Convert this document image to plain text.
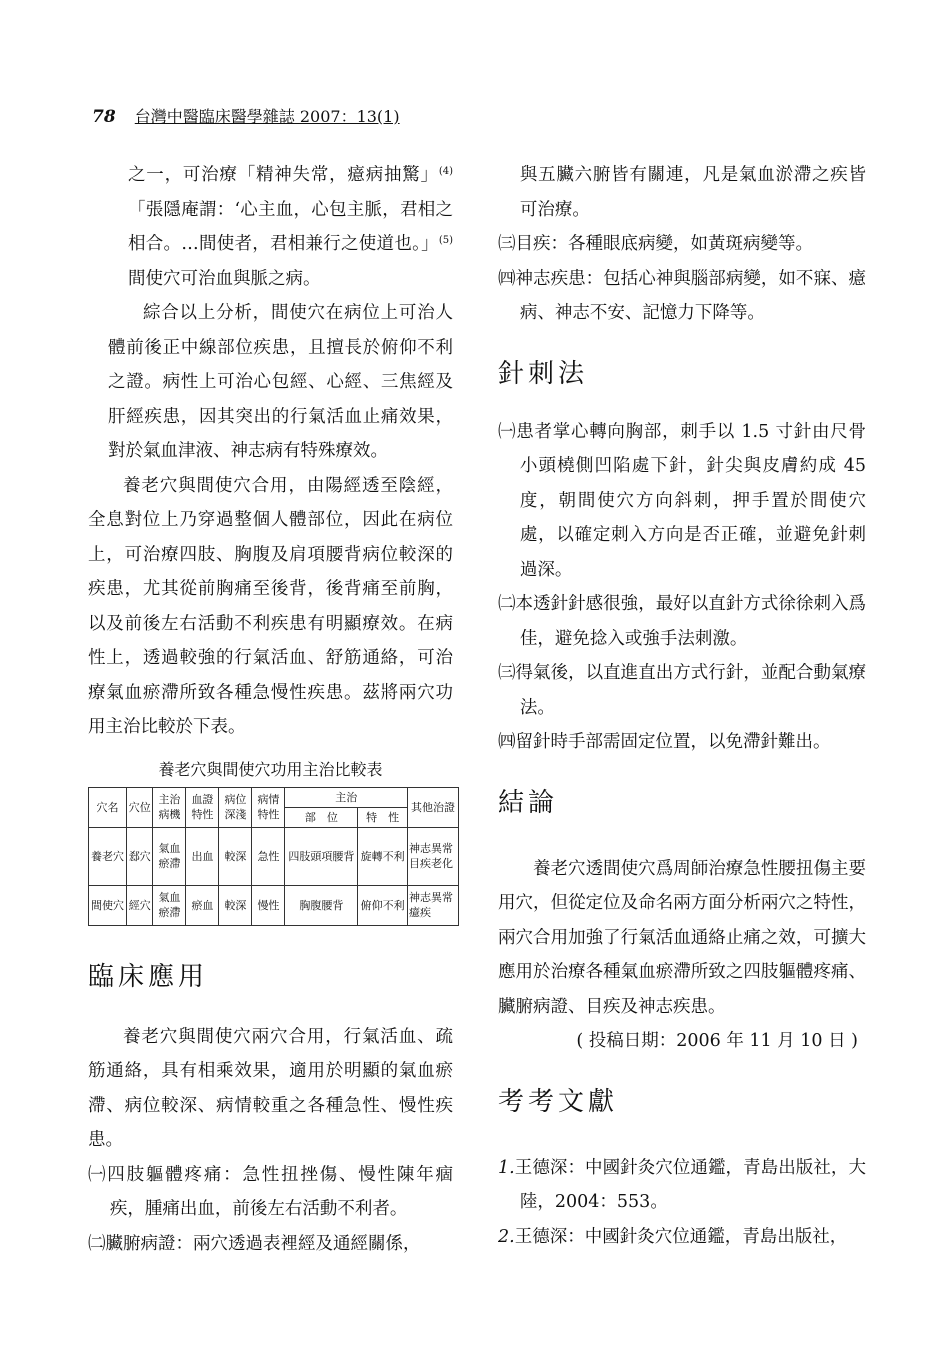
78 台灣中醫臨床醫學雜誌 2007：13(1)

之一，可治療「精神失常，癔病抽驚」$^{(4)}$「張隱庵謂：‘心主血，心包主脈，君相之相合。…間使者，君相兼行之使道也。」$^{(5)}$間使穴可治血與脈之病。

綜合以上分析，間使穴在病位上可治人體前後正中線部位疾患，且擅長於俯仰不利之證。病性上可治心包經、心經、三焦經及肝經疾患，因其突出的行氣活血止痛效果，對於氣血津液、神志病有特殊療效。

養老穴與間使穴合用，由陽經透至陰經，全息對位上乃穿過整個人體部位，因此在病位上，可治療四肢、胸腹及肩項腰背病位較深的疾患，尤其從前胸痛至後背，後背痛至前胸，以及前後左右活動不利疾患有明顯療效。在病性上，透過較強的行氣活血、舒筋通絡，可治療氣血瘀滯所致各種急慢性疾患。茲將兩穴功用主治比較於下表。

養老穴與間使穴功用主治比較表
穴名	穴位	主治病機	血證特性	病位深淺	病情特性	主治		其他治證
						部　位	特　性	
養老穴	郄穴	氣血瘀滯	出血	較深	急性	四肢頭項腰背	旋轉不利	神志異常目疾老化
間使穴	經穴	氣血瘀滯	瘀血	較深	慢性	胸腹腰背	俯仰不利	神志異常癔疾
臨床應用

養老穴與間使穴兩穴合用，行氣活血、疏筋通絡，具有相乘效果，適用於明顯的氣血瘀滯、病位較深、病情較重之各種急性、慢性疾患。

㈠四肢軀體疼痛：急性扭挫傷、慢性陳年痼疾，腫痛出血，前後左右活動不利者。

㈡臟腑病證：兩穴透過表裡經及通經關係，

與五臟六腑皆有關連，凡是氣血淤滯之疾皆可治療。

㈢目疾：各種眼底病變，如黃斑病變等。

㈣神志疾患：包括心神與腦部病變，如不寐、癔病、神志不安、記憶力下降等。

針刺法

㈠患者掌心轉向胸部，刺手以 1.5 寸針由尺骨小頭橈側凹陷處下針，針尖與皮膚約成 45 度，朝間使穴方向斜刺，押手置於間使穴處，以確定刺入方向是否正確，並避免針刺過深。

㈡本透針針感很強，最好以直針方式徐徐刺入爲佳，避免捻入或強手法刺激。

㈢得氣後，以直進直出方式行針，並配合動氣療法。

㈣留針時手部需固定位置，以免滯針難出。

結論

養老穴透間使穴爲周師治療急性腰扭傷主要用穴，但從定位及命名兩方面分析兩穴之特性，兩穴合用加強了行氣活血通絡止痛之效，可擴大應用於治療各種氣血瘀滯所致之四肢軀體疼痛、臟腑病證、目疾及神志疾患。

( 投稿日期：2006 年 11 月 10 日 )

考考文獻

1.王德深：中國針灸穴位通鑑，青島出版社，大陸，2004：553。

2.王德深：中國針灸穴位通鑑，青島出版社，
